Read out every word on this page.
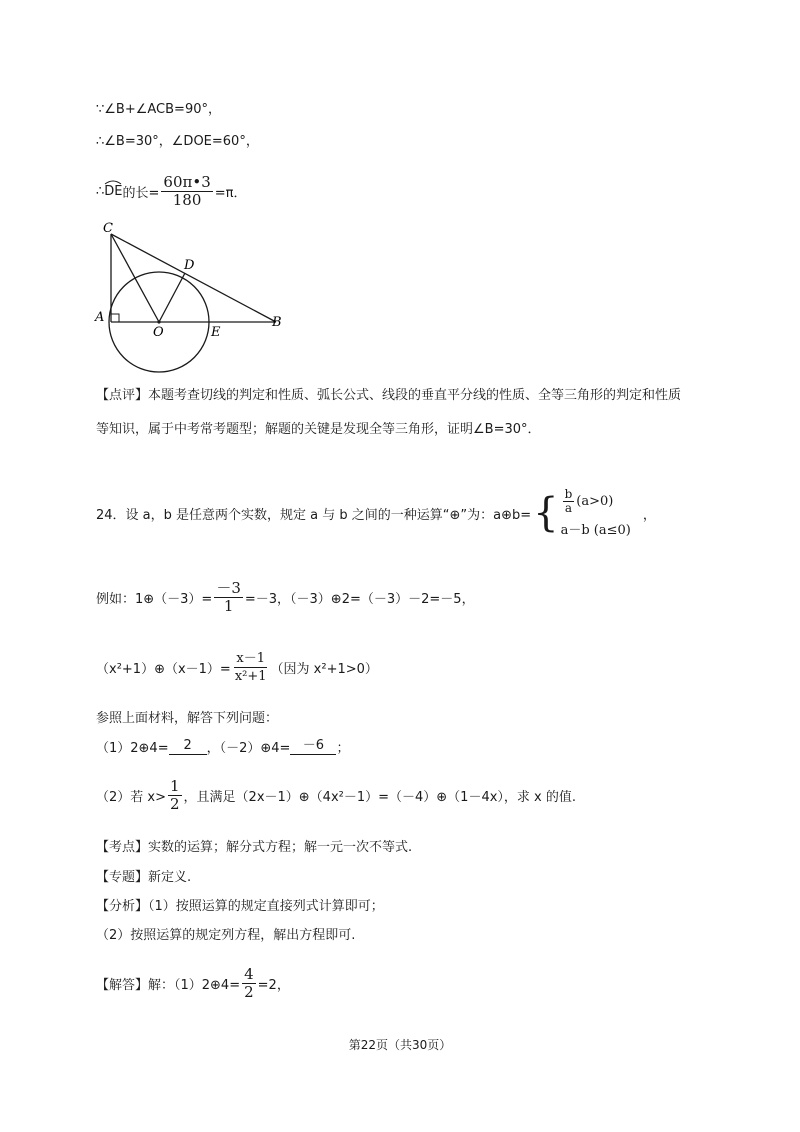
∵∠B+∠ACB=90°，
∴∠B=30°，∠DOE=60°，
∴ DE 的长= $\frac{60\pi•3}{180} =\pi$．
C
D
A
O	E
B
【点评】本题考查切线的判定和性质、弧长公式、线段的垂直平分线的性质、全等三角形的判定和性质
等知识，属于中考常考题型；解题的关键是发现全等三角形，证明∠B=30°．
24．设 a，b 是任意两个实数，规定 a 与 b 之间的一种运算“⊕”为：a⊕b= { $\frac{b}{a} (a>0)$
a－b (a≤0)
，
例如：1⊕（－3）= $\frac{-3}{1} =-3$，（－3）⊕2=（－3）－2=－5，
（x²+1）⊕（x－1）= $\frac{x-1}{\text{x²+1}}$ （因为 x²+1>0）
参照上面材料，解答下列问题：
（1）2⊕4=	2	，（－2）⊕4= －6 ；
（2）若 $x> \frac{1}{2}$ ，且满足（2x－1）⊕（4x²－1）=（－4）⊕（1－4x），求 x 的值.
【考点】实数的运算；解分式方程；解一元一次不等式.
【专题】新定义.
【分析】（1）按照运算的规定直接列式计算即可；
（2）按照运算的规定列方程，解出方程即可.
【解答】解：（1）2⊕4= $\frac{4}{2} =2$，
第22页（共30页）
